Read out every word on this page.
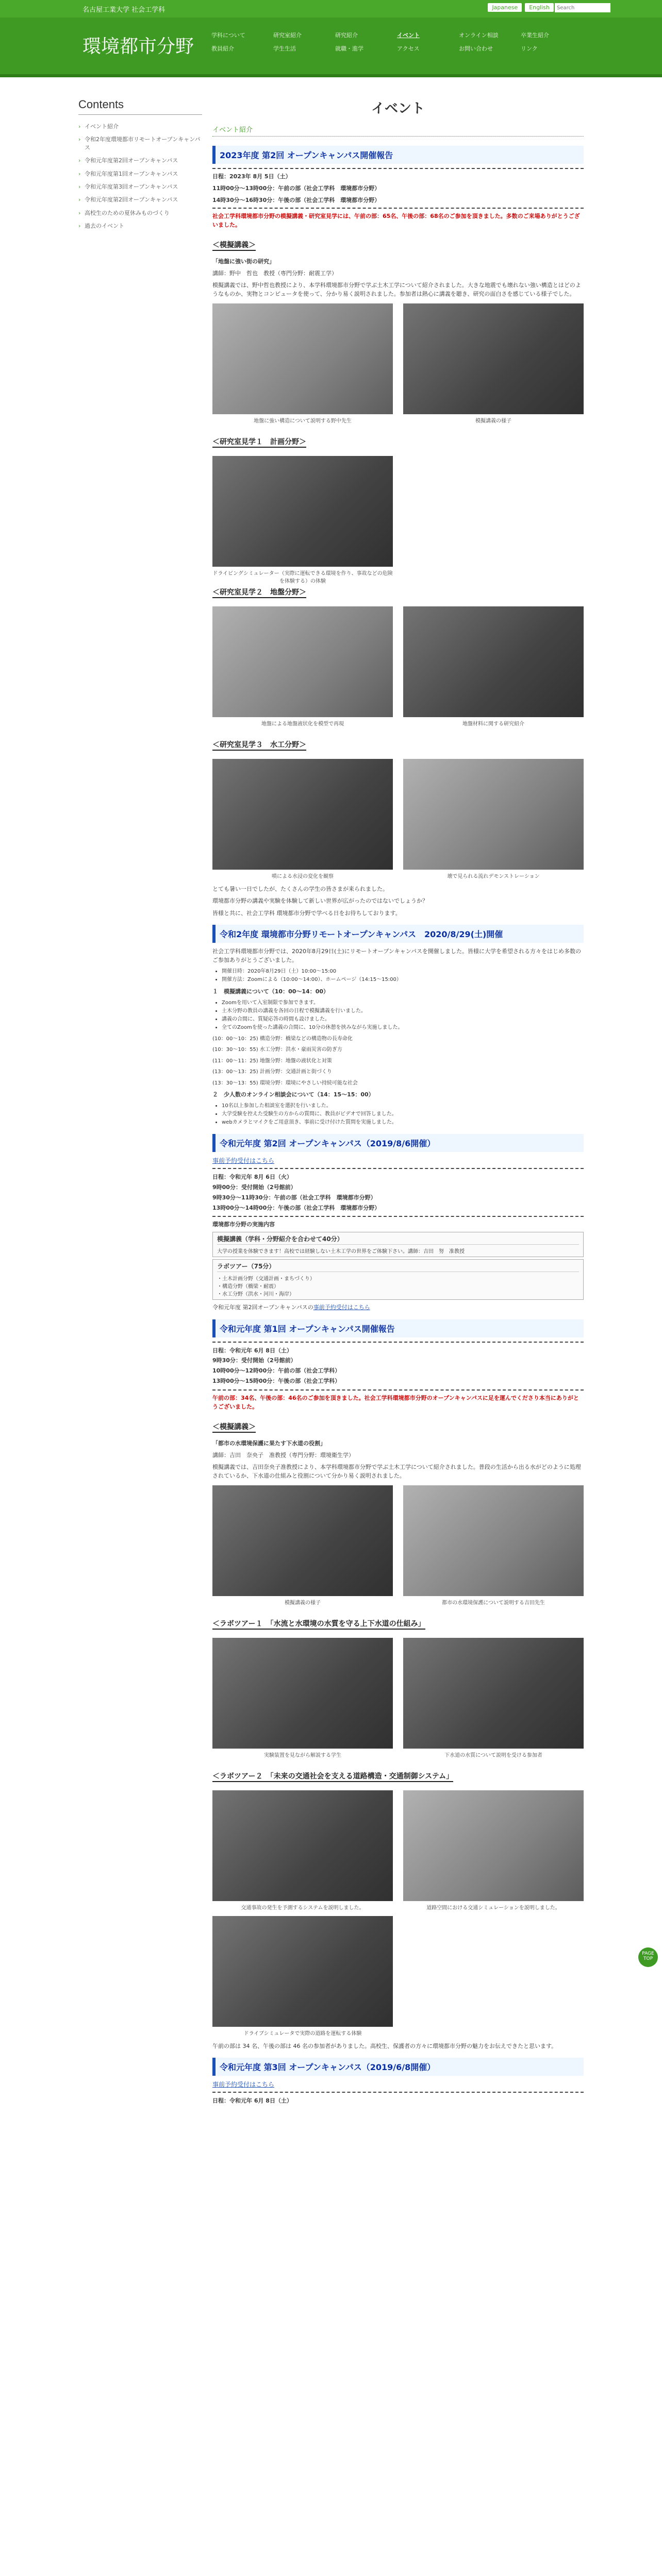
名古屋工業大学 社会工学科	Japanese	English
Search
環境都市分野
学科について	研究室紹介	研究紹介	イベント	オンライン相談	卒業生紹介
教員紹介	学生生活	就職・進学	アクセス	お問い合わせ	リンク
Contents
› イベント紹介
› 令和2年度環境都市リモートオープンキャンパス
› 令和元年度第2回オープンキャンパス
› 令和元年度第1回オープンキャンパス
› 令和元年度第3回オープンキャンパス
› 令和元年度第2回オープンキャンパス
› 高校生のための夏休みものづくり
› 過去のイベント
イベント
イベント紹介
2023年度 第2回 オープンキャンパス開催報告

日程：2023年 8月 5日（土）

11時00分〜13時00分：午前の部（社会工学科　環境都市分野）

14時30分〜16時30分：午後の部（社会工学科　環境都市分野）

社会工学科環境都市分野の模擬講義・研究室見学には、午前の部：65名、午後の部：68名のご参加を頂きました。多数のご来場ありがとうございました。

＜模擬講義＞

「地盤に強い街の研究」

講師：野中　哲也　教授（専門分野：耐震工学）

模擬講義では、野中哲也教授により、本学科環境都市分野で学ぶ土木工学について紹介されました。大きな地震でも壊れない強い構造とはどのようなものか、実物とコンピュータを使って、分かり易く説明されました。参加者は熱心に講義を聴き、研究の面白さを感じている様子でした。

地盤に強い構造について説明する野中先生	模擬講義の様子
＜研究室見学１　計画分野＞
ドライビングシミュレーター（実際に運転できる環境を作り、事故などの危険を体験する）の体験
＜研究室見学２　地盤分野＞
地盤による地盤液状化を模型で再現	地盤材料に関する研究紹介
＜研究室見学３　水工分野＞
噴による水浸の変化を観察	壊で見られる流れデモンストレーション

とても暑い一日でしたが、たくさんの学生の皆さまが来られました。

環境都市分野の講義や実験を体験して新しい世界が広がったのではないでしょうか？

皆様と共に、社会工学科 環境都市分野で学べる日をお待ちしております。

令和2年度 環境都市分野リモートオープンキャンパス　2020/8/29(土)開催

社会工学科環境都市分野では、2020年8月29日(土)にリモートオープンキャンパスを開催しました。皆様に大学を希望される方々をはじめ多数のご参加ありがとうございました。

• 開催日時：2020年8月29日（土）10:00〜15:00
• 開催方法：Zoomによる（10:00〜14:00）、ホームページ（14:15〜15:00）

１　模擬講義について（10：00〜14：00）

• Zoomを用いて入室制限で参加できます。
• 土木分野の教員の講義を各回の日程で模擬講義を行いました。
• 講義の合間に、質疑応答の時間も設けました。
• 全てのZoomを使った講義の合間に、10分の休憩を挟みながら実施しました。

(10：00〜10：25) 構造分野：橋梁などの構造物の長寿命化

(10：30〜10：55) 水工分野：洪水・豪雨災害の防ぎ方

(11：00〜11：25) 地盤分野：地盤の液状化と対策

(13：00〜13：25) 計画分野：交通計画と街づくり

(13：30〜13：55) 環境分野：環境にやさしい持続可能な社会

２　少人数のオンライン相談会について（14：15〜15：00）

• 10名以上参加した相談室を選択を行いました。
• 大学受験を控えた受験生の方からの質問に、教員がビデオで回答しました。
• webカメラとマイクをご用意頂き、事前に受け付けた質問を実施しました。
令和元年度 第2回 オープンキャンパス（2019/8/6開催）
事前予約受付はこちら
日程：令和元年 8月 6日（火）
9時00分：受付開始（2号館前）
9時30分〜11時30分：午前の部（社会工学科　環境都市分野）
13時00分〜14時00分：午後の部（社会工学科　環境都市分野）

環境都市分野の実施内容

模擬講義（学科・分野紹介を合わせて40分）
大学の授業を体験できます！高校では経験しない土木工学の世界をご体験下さい。講師：吉田　努　准教授
ラボツアー（75分）
・土木計画分野（交通計画・まちづくり）
・構造分野（橋梁・耐震）
・水工分野（洪水・河川・海岸）

令和元年度 第2回オープンキャンパスの事前予約受付はこちら

令和元年度 第1回 オープンキャンパス開催報告
日程：令和元年 6月 8日（土）
9時30分：受付開始（2号館前）
10時00分〜12時00分：午前の部（社会工学科）
13時00分〜15時00分：午後の部（社会工学科）

午前の部：34名、午後の部：46名のご参加を頂きました。社会工学科環境都市分野のオープンキャンパスに足を運んでくださり本当にありがとうございました。

＜模擬講義＞

「都市の水環境保護に果たす下水道の役割」

講師：吉田　奈央子　准教授（専門分野：環境衛生学）

模擬講義では、吉田奈央子准教授により、本学科環境都市分野で学ぶ土木工学について紹介されました。普段の生活から出る水がどのように処理されているか、下水道の仕組みと役割について分かり易く説明されました。

模擬講義の様子	都市の水環境保護について説明する吉田先生
＜ラボツアー１　「水流と水環境の水質を守る上下水道の仕組み」
実験装置を見ながら解説する学生	下水道の水質について説明を受ける参加者
＜ラボツアー２　「未来の交通社会を支える道路構造・交通制御システム」
交通事故の発生を予測するシステムを説明しました。	道路空間における交通シミュレーションを説明しました。
ドライブシミュレータで実際の道路を運転する体験

午前の部は 34 名、午後の部は 46 名の参加者がありました。高校生、保護者の方々に環境都市分野の魅力をお伝えできたと思います。

令和元年度 第3回 オープンキャンパス（2019/6/8開催）
事前予約受付はこちら
日程：令和元年 6月 8日（土）
PAGE TOP
